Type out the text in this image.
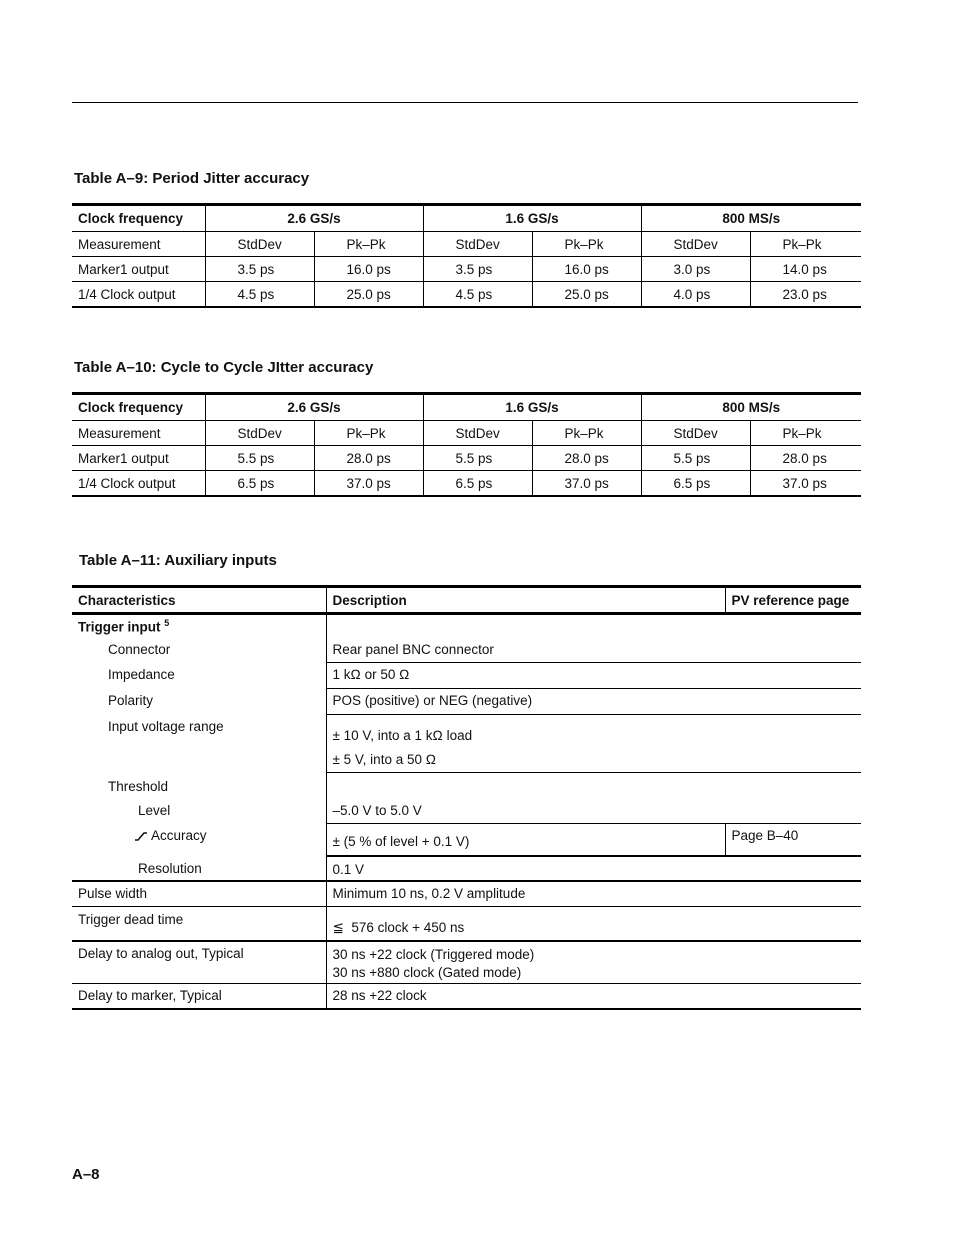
Table A–9: Period Jitter accuracy
Clock frequency	2.6 GS/s		1.6 GS/s		800 MS/s	
Measurement	StdDev	Pk–Pk	StdDev	Pk–Pk	StdDev	Pk–Pk
Marker1 output	3.5 ps	16.0 ps	3.5 ps	16.0 ps	3.0 ps	14.0 ps
1/4 Clock output	4.5 ps	25.0 ps	4.5 ps	25.0 ps	4.0 ps	23.0 ps
Table A–10: Cycle to Cycle JItter accuracy
Clock frequency	2.6 GS/s		1.6 GS/s		800 MS/s	
Measurement	StdDev	Pk–Pk	StdDev	Pk–Pk	StdDev	Pk–Pk
Marker1 output	5.5 ps	28.0 ps	5.5 ps	28.0 ps	5.5 ps	28.0 ps
1/4 Clock output	6.5 ps	37.0 ps	6.5 ps	37.0 ps	6.5 ps	37.0 ps
Table A–11: Auxiliary inputs
Characteristics	Description	PV reference page
Trigger input $^5$	
Connector	Rear panel BNC connector	
Impedance	1 kΩ or 50 Ω	
Polarity	POS (positive) or NEG (negative)	
Input voltage range	± 10 V, into a 1 kΩ load
± 5 V, into a 50 Ω	

Threshold		
Level	–5.0 V to 5.0 V	
Accuracy	± (5 % of level + 0.1 V)	Page B–40
Resolution	0.1 V	
Pulse width	Minimum 10 ns, 0.2 V amplitude	
Trigger dead time	≦  576 clock + 450 ns	
Delay to analog out, Typical	30 ns +22 clock (Triggered mode)
30 ns +880 clock (Gated mode)	

Delay to marker, Typical	28 ns +22 clock	
A–8
